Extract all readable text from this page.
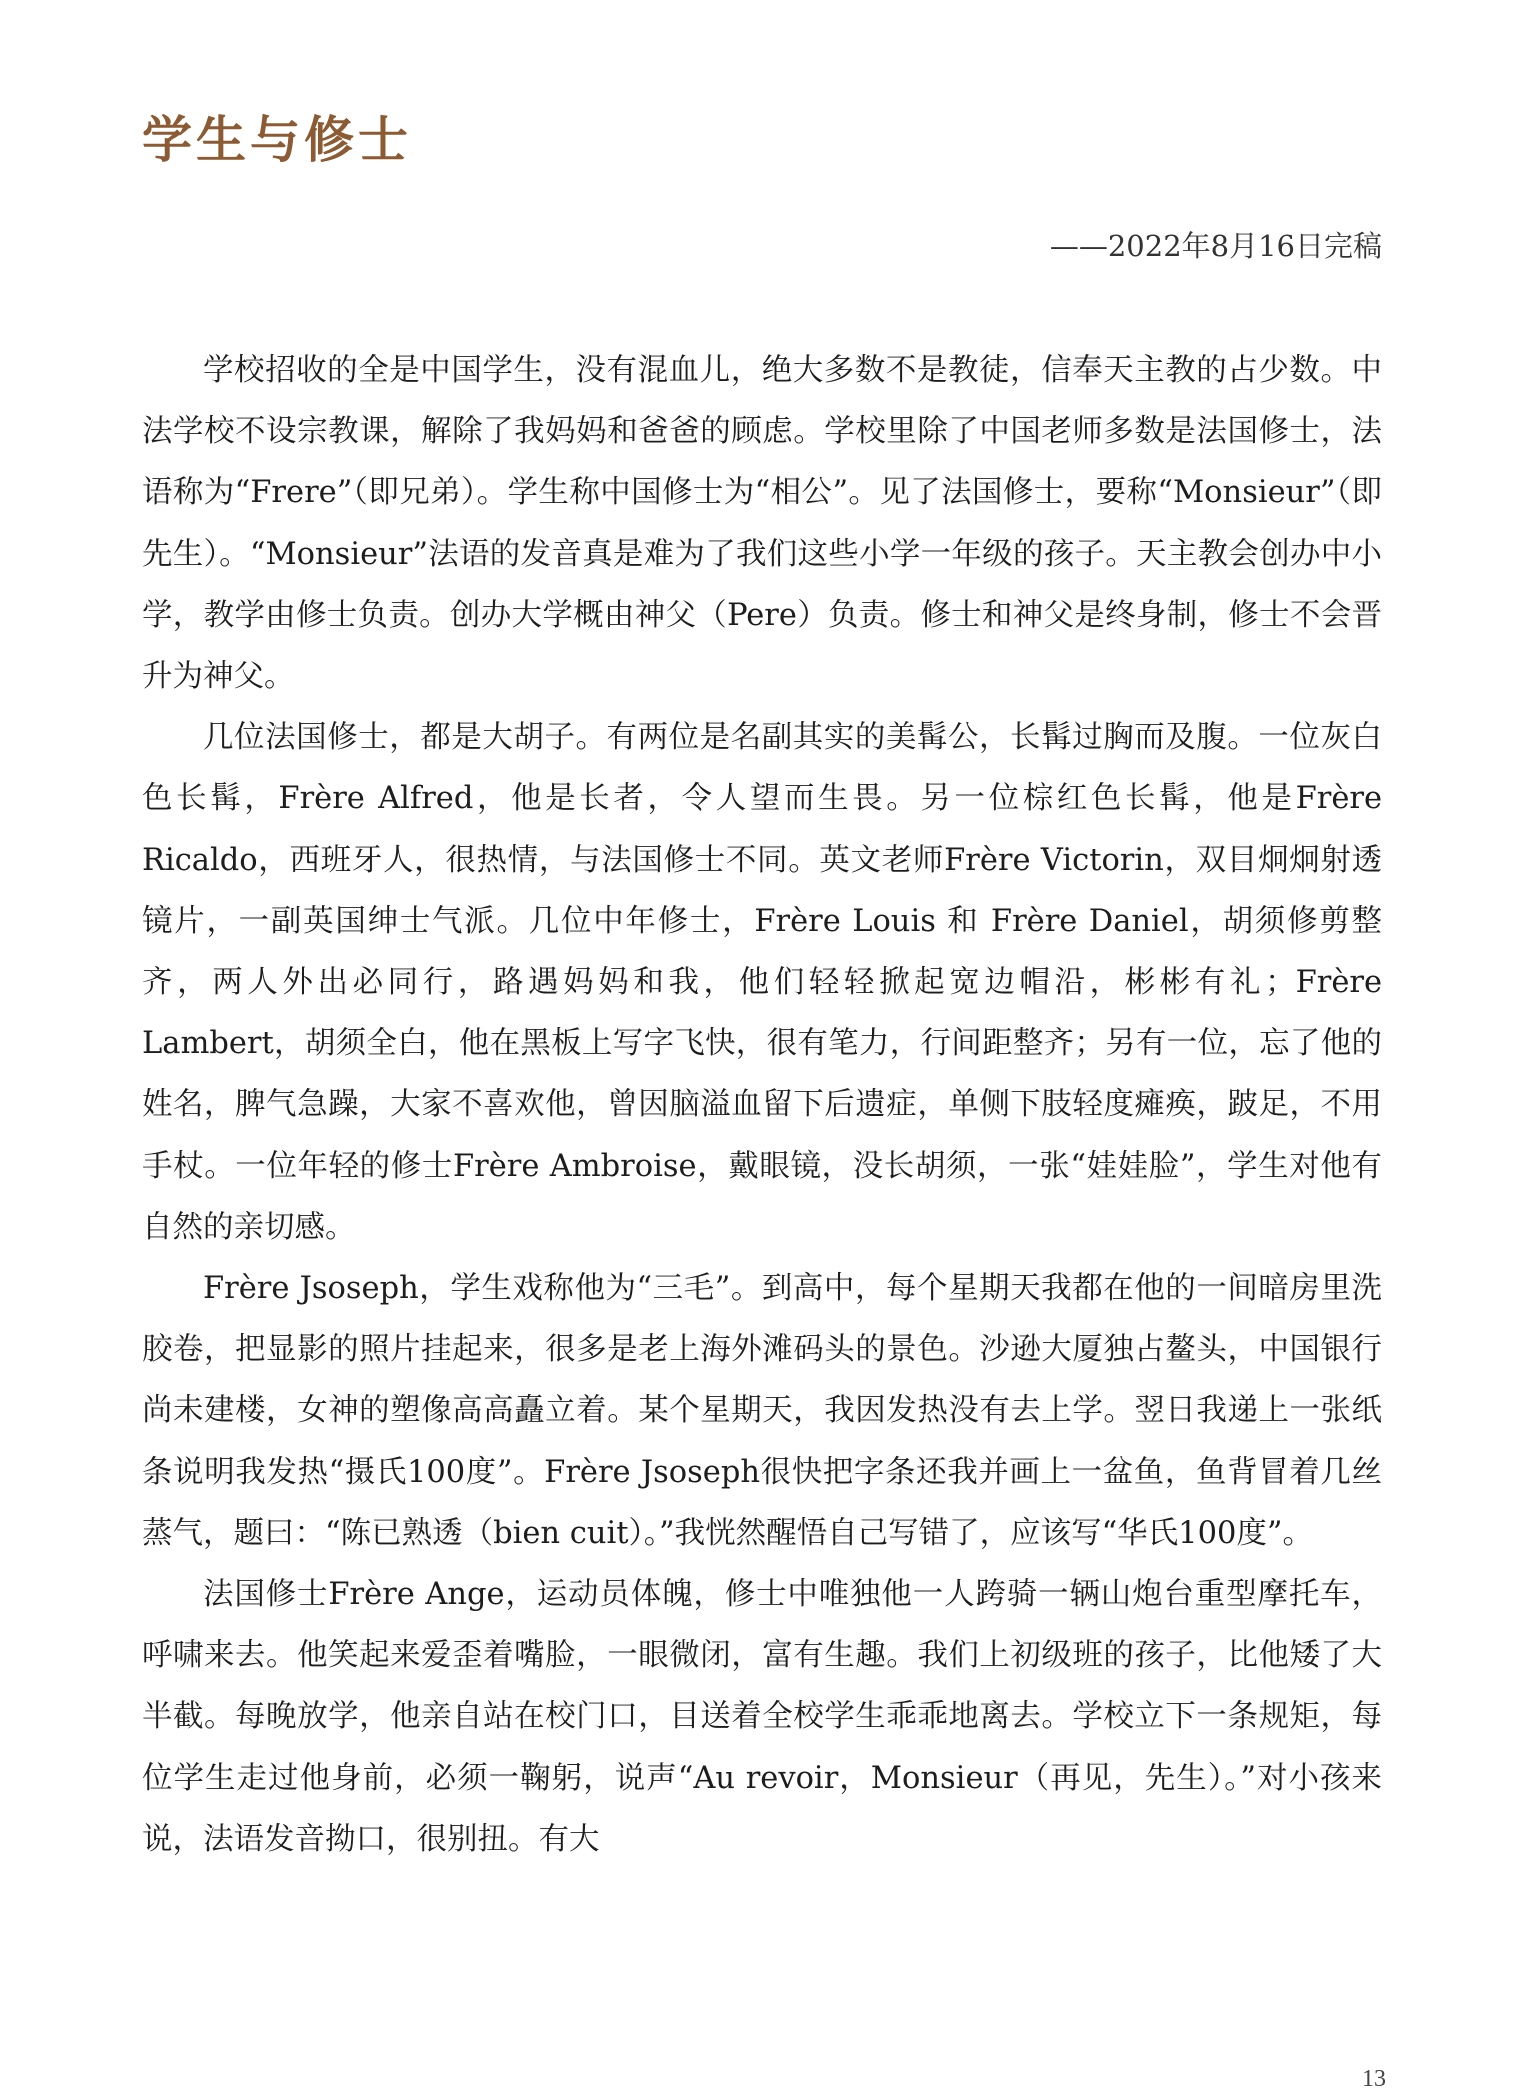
学生与修士
——2022年8月16日完稿

学校招收的全是中国学生，没有混血儿，绝大多数不是教徒，信奉天主教的占少数。中法学校不设宗教课，解除了我妈妈和爸爸的顾虑。学校里除了中国老师多数是法国修士，法语称为“Frere”（即兄弟）。学生称中国修士为“相公”。见了法国修士，要称“Monsieur”（即先生）。“Monsieur”法语的发音真是难为了我们这些小学一年级的孩子。天主教会创办中小学，教学由修士负责。创办大学概由神父（Pere）负责。修士和神父是终身制，修士不会晋升为神父。

几位法国修士，都是大胡子。有两位是名副其实的美髯公，长髯过胸而及腹。一位灰白色长髯，Frère Alfred，他是长者，令人望而生畏。另一位棕红色长髯，他是Frère Ricaldo，西班牙人，很热情，与法国修士不同。英文老师Frère Victorin，双目炯炯射透镜片，一副英国绅士气派。几位中年修士，Frère Louis 和 Frère Daniel，胡须修剪整齐，两人外出必同行，路遇妈妈和我，他们轻轻掀起宽边帽沿，彬彬有礼；Frère Lambert，胡须全白，他在黑板上写字飞快，很有笔力，行间距整齐；另有一位，忘了他的姓名，脾气急躁，大家不喜欢他，曾因脑溢血留下后遗症，单侧下肢轻度瘫痪，跛足，不用手杖。一位年轻的修士Frère Ambroise，戴眼镜，没长胡须，一张“娃娃脸”，学生对他有自然的亲切感。

Frère Jsoseph，学生戏称他为“三毛”。到高中，每个星期天我都在他的一间暗房里洗胶卷，把显影的照片挂起来，很多是老上海外滩码头的景色。沙逊大厦独占鳌头，中国银行尚未建楼，女神的塑像高高矗立着。某个星期天，我因发热没有去上学。翌日我递上一张纸条说明我发热“摄氏100度”。Frère Jsoseph很快把字条还我并画上一盆鱼，鱼背冒着几丝蒸气，题曰：“陈已熟透（bien cuit）。”我恍然醒悟自己写错了，应该写“华氏100度”。

法国修士Frère Ange，运动员体魄，修士中唯独他一人跨骑一辆山炮台重型摩托车，呼啸来去。他笑起来爱歪着嘴脸，一眼微闭，富有生趣。我们上初级班的孩子，比他矮了大半截。每晚放学，他亲自站在校门口，目送着全校学生乖乖地离去。学校立下一条规矩，每位学生走过他身前，必须一鞠躬，说声“Au revoir，Monsieur（再见，先生）。”对小孩来说，法语发音拗口，很别扭。有大

13
